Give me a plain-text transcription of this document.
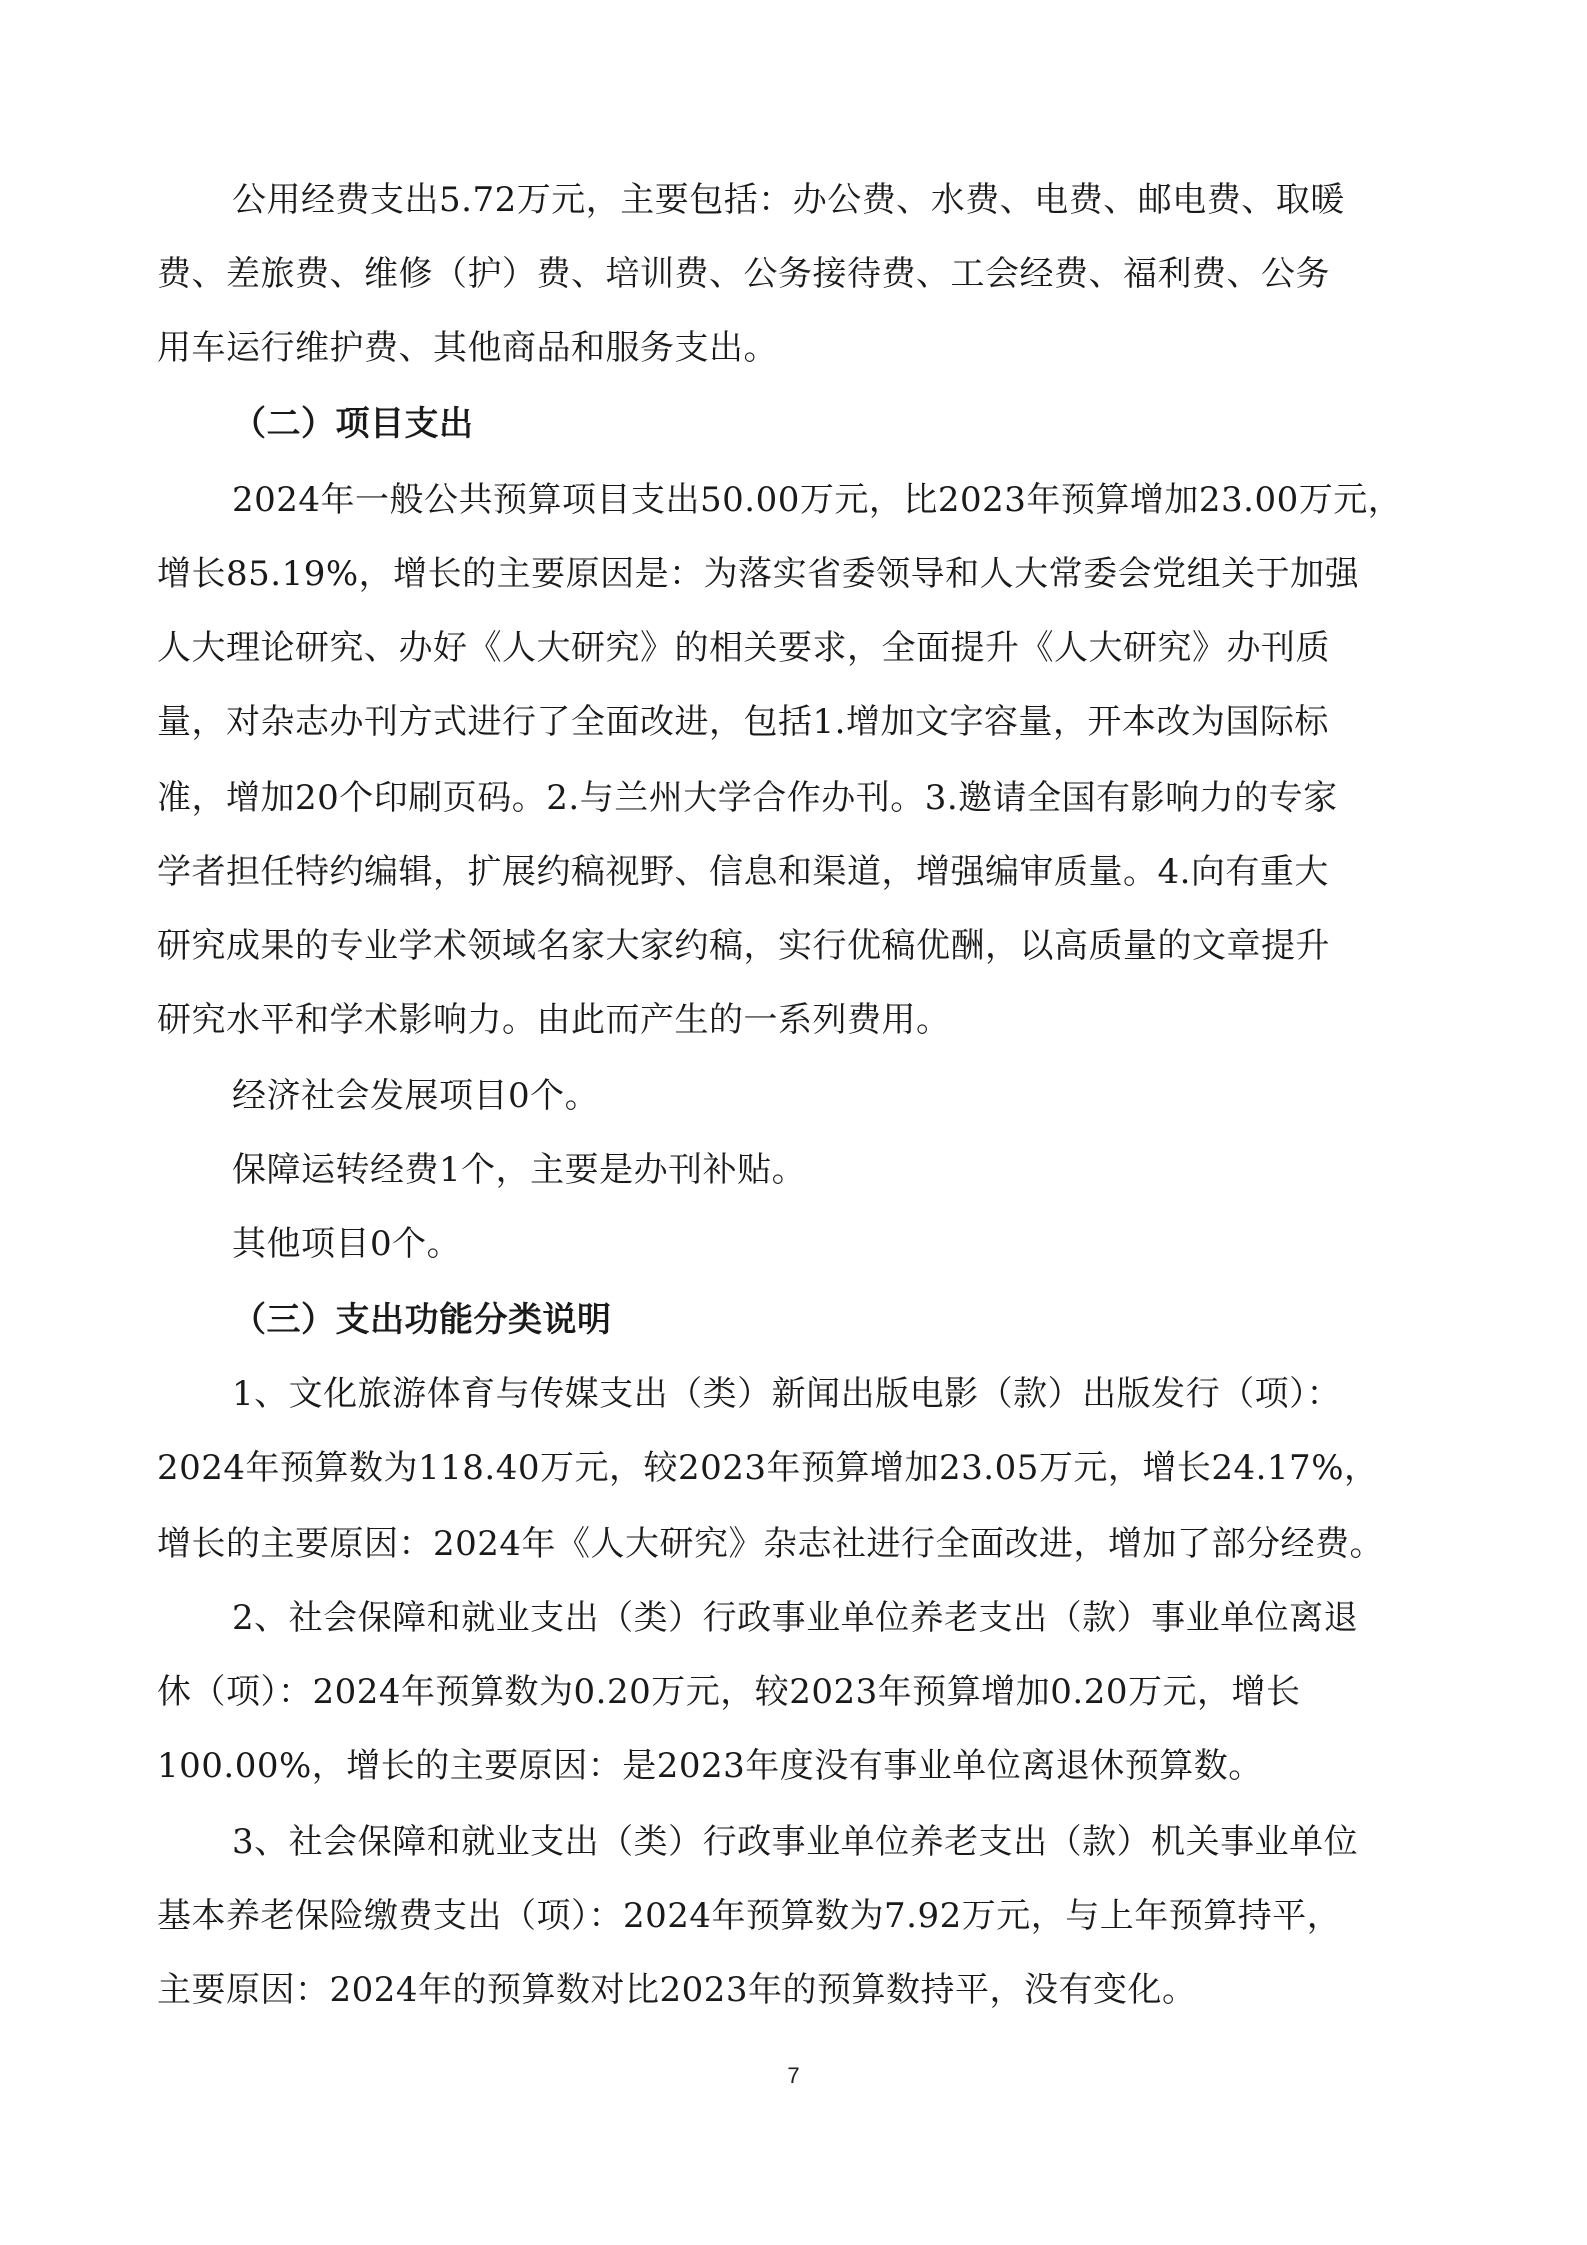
公用经费支出5.72万元，主要包括：办公费、水费、电费、邮电费、取暖
费、差旅费、维修（护）费、培训费、公务接待费、工会经费、福利费、公务
用车运行维护费、其他商品和服务支出。
（二）项目支出
2024年一般公共预算项目支出50.00万元，比2023年预算增加23.00万元，
增长85.19%，增长的主要原因是：为落实省委领导和人大常委会党组关于加强
人大理论研究、办好《人大研究》的相关要求，全面提升《人大研究》办刊质
量，对杂志办刊方式进行了全面改进，包括1.增加文字容量，开本改为国际标
准，增加20个印刷页码。2.与兰州大学合作办刊。3.邀请全国有影响力的专家
学者担任特约编辑，扩展约稿视野、信息和渠道，增强编审质量。4.向有重大
研究成果的专业学术领域名家大家约稿，实行优稿优酬，以高质量的文章提升
研究水平和学术影响力。由此而产生的一系列费用。
经济社会发展项目0个。
保障运转经费1个，主要是办刊补贴。
其他项目0个。
（三）支出功能分类说明
1、文化旅游体育与传媒支出（类）新闻出版电影（款）出版发行（项）：
2024年预算数为118.40万元，较2023年预算增加23.05万元，增长24.17%，
增长的主要原因：2024年《人大研究》杂志社进行全面改进，增加了部分经费。
2、社会保障和就业支出（类）行政事业单位养老支出（款）事业单位离退
休（项）：2024年预算数为0.20万元，较2023年预算增加0.20万元，增长
100.00%，增长的主要原因：是2023年度没有事业单位离退休预算数。
3、社会保障和就业支出（类）行政事业单位养老支出（款）机关事业单位
基本养老保险缴费支出（项）：2024年预算数为7.92万元，与上年预算持平，
主要原因：2024年的预算数对比2023年的预算数持平，没有变化。
7
